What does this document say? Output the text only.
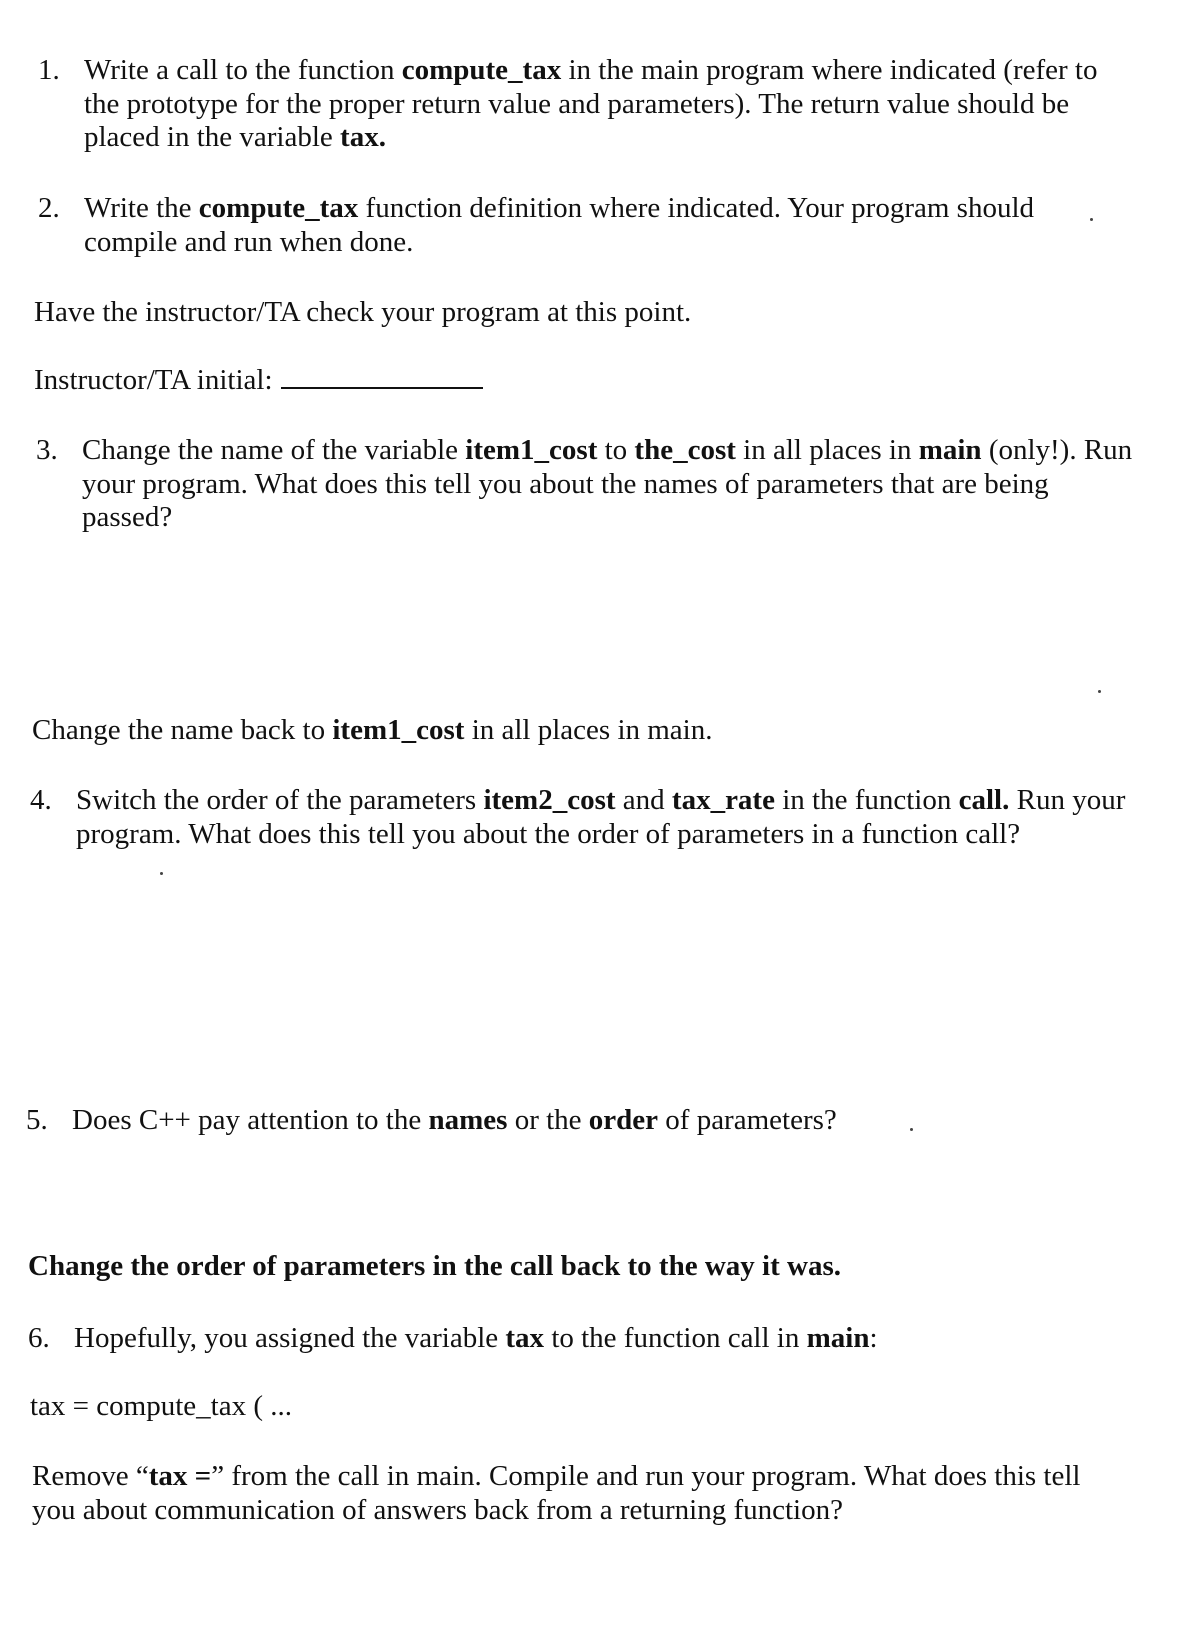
1. Write a call to the function compute_tax in the main program where indicated (refer to the prototype for the proper return value and parameters). The return value should be placed in the variable tax.
2. Write the compute_tax function definition where indicated. Your program should compile and run when done.
Have the instructor/TA check your program at this point.
Instructor/TA initial:
3. Change the name of the variable item1_cost to the_cost in all places in main (only!). Run your program. What does this tell you about the names of parameters that are being passed?
Change the name back to item1_cost in all places in main.
4. Switch the order of the parameters item2_cost and tax_rate in the function call. Run your program. What does this tell you about the order of parameters in a function call?
5. Does C++ pay attention to the names or the order of parameters?
Change the order of parameters in the call back to the way it was.
6. Hopefully, you assigned the variable tax to the function call in main:
tax = compute_tax ( ...
Remove “tax =” from the call in main. Compile and run your program. What does this tell you about communication of answers back from a returning function?
